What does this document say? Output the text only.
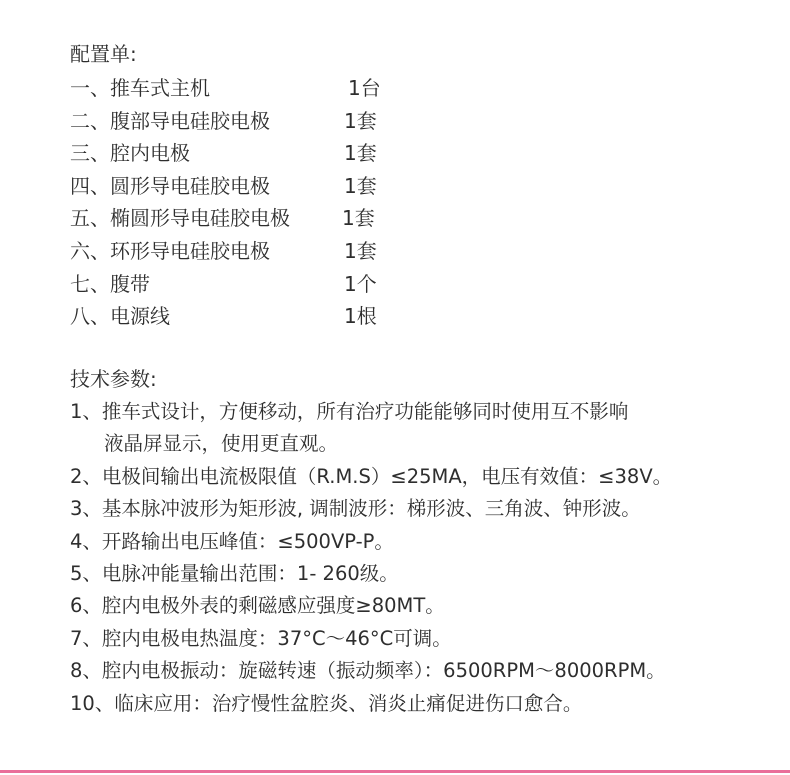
配置单:
一、推车式主机	1台
二、腹部导电硅胶电极	1套
三、腔内电极	1套
四、圆形导电硅胶电极	1套
五、椭圆形导电硅胶电极	1套
六、环形导电硅胶电极	1套
七、腹带	1个
八、电源线	1根
技术参数:
1、推车式设计，方便移动，所有治疗功能能够同时使用互不影响
液晶屏显示，使用更直观。
2、电极间输出电流极限值（R.M.S）≤25MA，电压有效值：≤38V。
3、基本脉冲波形为矩形波, 调制波形：梯形波、三角波、钟形波。
4、开路输出电压峰值：≤500VP-P。
5、电脉冲能量输出范围：1- 260级。
6、腔内电极外表的剩磁感应强度≥80MT。
7、腔内电极电热温度：37°C～46°C可调。
8、腔内电极振动：旋磁转速（振动频率）：6500RPM～8000RPM。
10、临床应用：治疗慢性盆腔炎、消炎止痛促进伤口愈合。
